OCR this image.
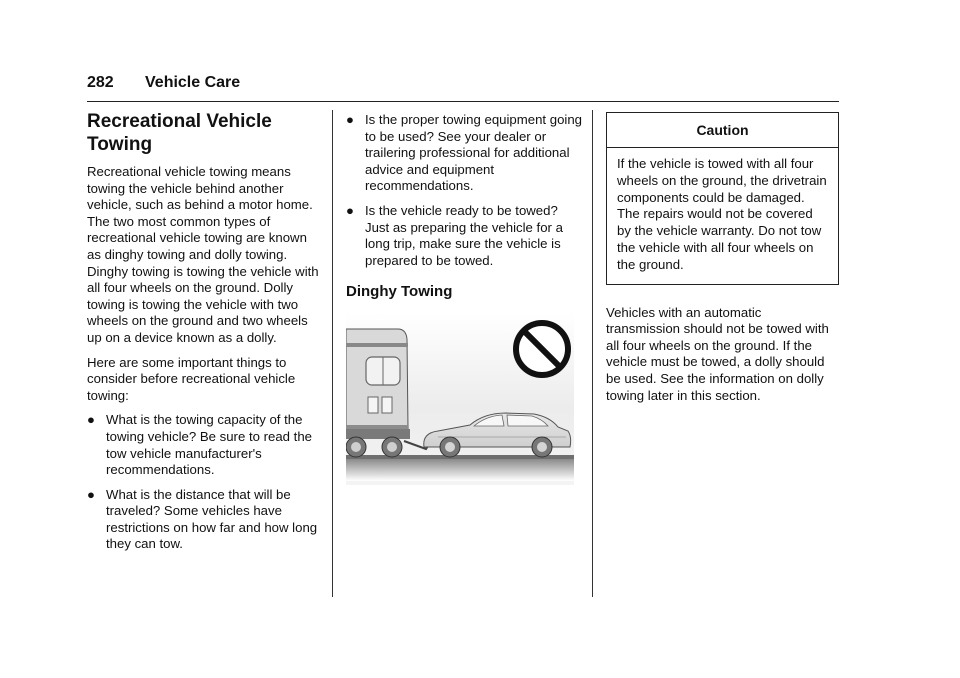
282 Vehicle Care
Recreational Vehicle Towing

Recreational vehicle towing means towing the vehicle behind another vehicle, such as behind a motor home. The two most common types of recreational vehicle towing are known as dinghy towing and dolly towing. Dinghy towing is towing the vehicle with all four wheels on the ground. Dolly towing is towing the vehicle with two wheels on the ground and two wheels up on a device known as a dolly.

Here are some important things to consider before recreational vehicle towing:

● What is the towing capacity of the towing vehicle? Be sure to read the tow vehicle manufacturer's recommendations.
● What is the distance that will be traveled? Some vehicles have restrictions on how far and how long they can tow.
● Is the proper towing equipment going to be used? See your dealer or trailering professional for additional advice and equipment recommendations.
● Is the vehicle ready to be towed? Just as preparing the vehicle for a long trip, make sure the vehicle is prepared to be towed.
Dinghy Towing
Caution
If the vehicle is towed with all four wheels on the ground, the drivetrain components could be damaged. The repairs would not be covered by the vehicle warranty. Do not tow the vehicle with all four wheels on the ground.

Vehicles with an automatic transmission should not be towed with all four wheels on the ground. If the vehicle must be towed, a dolly should be used. See the information on dolly towing later in this section.
